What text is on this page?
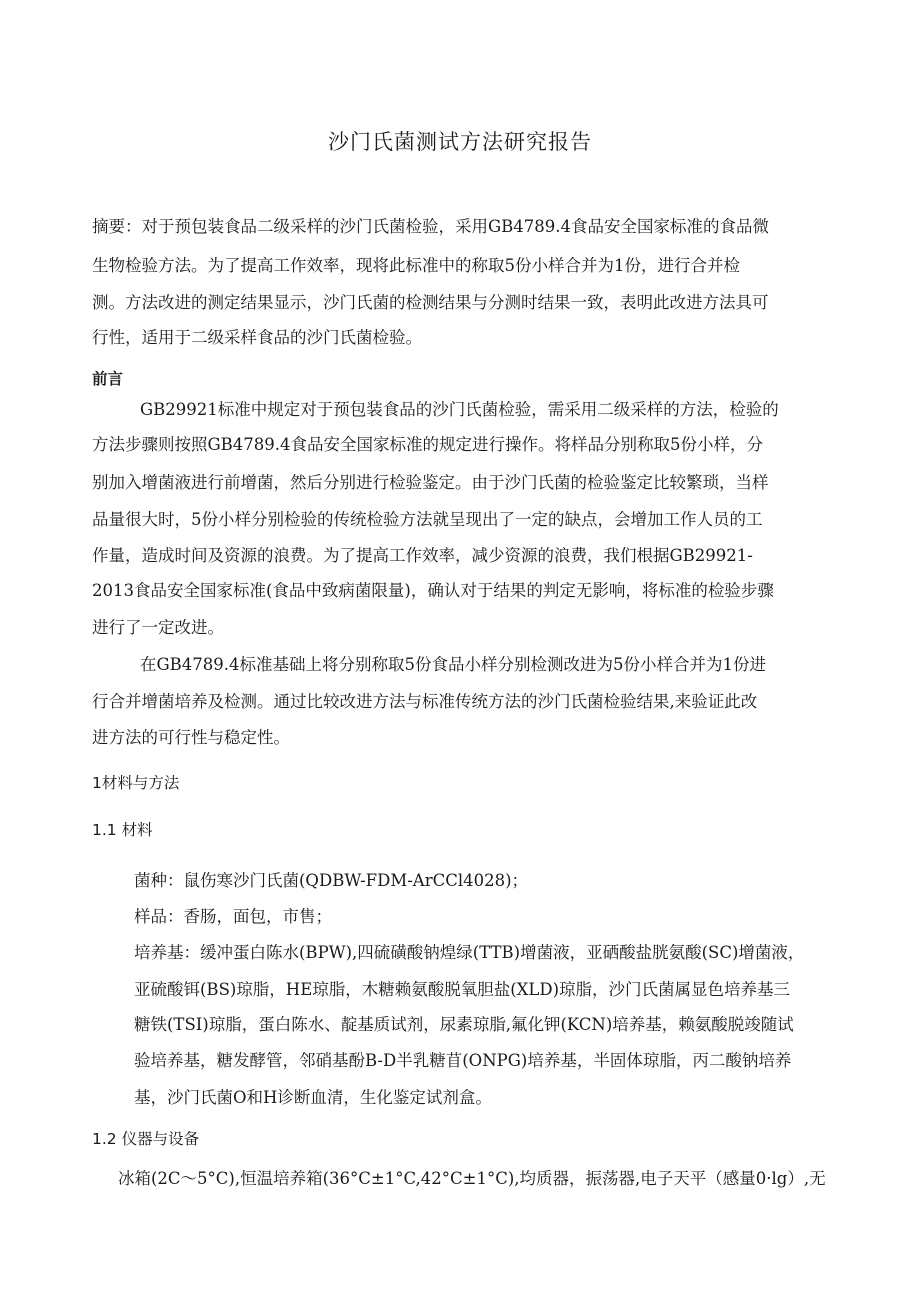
沙门氏菌测试方法研究报告
摘要：对于预包装食品二级采样的沙门氏菌检验，采用GB4789.4食品安全国家标准的食品微
生物检验方法。为了提高工作效率，现将此标准中的称取5份小样合并为1份，进行合并检
测。方法改进的测定结果显示，沙门氏菌的检测结果与分测时结果一致，表明此改进方法具可
行性，适用于二级采样食品的沙门氏菌检验。
前言
GB29921标准中规定对于预包装食品的沙门氏菌检验，需采用二级采样的方法，检验的
方法步骤则按照GB4789.4食品安全国家标准的规定进行操作。将样品分别称取5份小样，分
别加入增菌液进行前增菌，然后分别进行检验鉴定。由于沙门氏菌的检验鉴定比较繁琐，当样
品量很大时，5份小样分别检验的传统检验方法就呈现出了一定的缺点，会增加工作人员的工
作量，造成时间及资源的浪费。为了提高工作效率，减少资源的浪费，我们根据GB29921-
2013食品安全国家标准(食品中致病菌限量)，确认对于结果的判定无影响，将标准的检验步骤
进行了一定改进。
在GB4789.4标准基础上将分别称取5份食品小样分别检测改进为5份小样合并为1份进
行合并增菌培养及检测。通过比较改进方法与标准传统方法的沙门氏菌检验结果,来验证此改
进方法的可行性与稳定性。
1材料与方法
1.1 材料
菌种：鼠伤寒沙门氏菌(QDBW-FDM-ArCCl4028)；
样品：香肠，面包，市售；
培养基：缓冲蛋白陈水(BPW),四硫磺酸钠煌绿(TTB)增菌液，亚硒酸盐胱氨酸(SC)增菌液，
亚硫酸铒(BS)琼脂，HE琼脂，木糖赖氨酸脱氧胆盐(XLD)琼脂，沙门氏菌属显色培养基三
糖铁(TSI)琼脂，蛋白陈水、靛基质试剂，尿素琼脂,氟化钾(KCN)培养基，赖氨酸脱竣随试
验培养基，糖发酵管，邻硝基酚B-D半乳糖苜(ONPG)培养基，半固体琼脂，丙二酸钠培养
基，沙门氏菌O和H诊断血清，生化鉴定试剂盒。
1.2 仪器与设备
冰箱(2C～5°C),恒温培养箱(36°C±1°C,42°C±1°C),均质器，振荡器,电子天平（感量0·lg）,无
